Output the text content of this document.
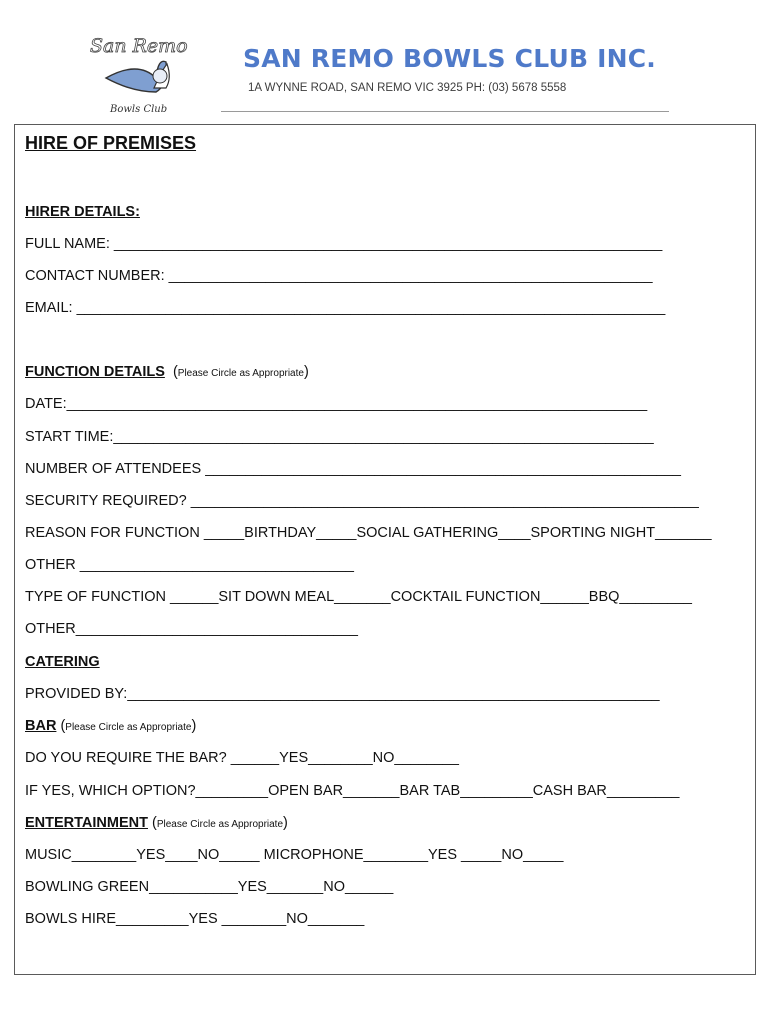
San Remo
Bowls Club
SAN REMO BOWLS CLUB INC.
1A WYNNE ROAD, SAN REMO VIC 3925 PH: (03) 5678 5558
HIRE OF PREMISES
HIRER DETAILS:
FULL NAME: ____________________________________________________________________
CONTACT NUMBER: ____________________________________________________________
EMAIL: _________________________________________________________________________
FUNCTION DETAILS  (Please Circle as Appropriate)
DATE:________________________________________________________________________
START TIME:___________________________________________________________________
NUMBER OF ATTENDEES ___________________________________________________________
SECURITY REQUIRED? _______________________________________________________________
REASON FOR FUNCTION _____BIRTHDAY_____SOCIAL GATHERING____SPORTING NIGHT_______
OTHER __________________________________
TYPE OF FUNCTION ______SIT DOWN MEAL_______COCKTAIL FUNCTION______BBQ_________
OTHER___________________________________
CATERING
PROVIDED BY:__________________________________________________________________
BAR (Please Circle as Appropriate)
DO YOU REQUIRE THE BAR? ______YES________NO________
IF YES, WHICH OPTION?_________OPEN BAR_______BAR TAB_________CASH BAR_________
ENTERTAINMENT (Please Circle as Appropriate)
MUSIC________YES____NO_____ MICROPHONE________YES _____NO_____
BOWLING GREEN___________YES_______NO______
BOWLS HIRE_________YES ________NO_______
